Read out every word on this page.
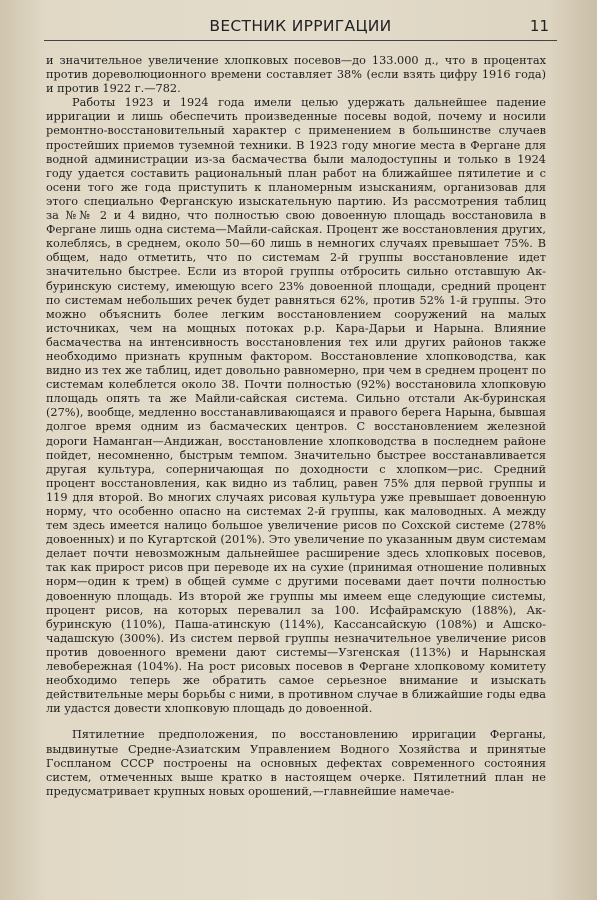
ВЕСТНИК ИРРИГАЦИИ	11

и значительное увеличение хлопковых посевов—до 133.000 д., что в процентах против дореволюционного времени составляет 38% (если взять цифру 1916 года) и против 1922 г.—782.

Работы 1923 и 1924 года имели целью удержать дальнейшее падение ирригации и лишь обеспечить произведенные посевы водой, почему и носили ремонтно-восстановительный характер с применением в большинстве случаев простейших приемов туземной техники. В 1923 году многие места в Фергане для водной администрации из-за басмачества были малодоступны и только в 1924 году удается составить рациональный план работ на ближайшее пятилетие и с осени того же года приступить к планомерным изысканиям, организовав для этого специально Ферганскую изыскательную партию. Из рассмотрения таблиц за №№ 2 и 4 видно, что полностью свою довоенную площадь восстановила в Фергане лишь одна система—Майли-сайская. Процент же восстановления других, колеблясь, в среднем, около 50—60 лишь в немногих случаях превышает 75%. В общем, надо отметить, что по системам 2-й группы восстановление идет значительно быстрее. Если из второй группы отбросить сильно отставшую Ак-буринскую систему, имеющую всего 23% довоенной площади, средний процент по системам небольших речек будет равняться 62%, против 52% 1-й группы. Это можно объяснить более легким восстановлением сооружений на малых источниках, чем на мощных потоках р.р. Кара-Дарьи и Нарына. Влияние басмачества на интенсивность восстановления тех или других районов также необходимо признать крупным фактором. Восстановление хлопководства, как видно из тех же таблиц, идет довольно равномерно, при чем в среднем процент по системам колеблется около 38. Почти полностью (92%) восстановила хлопковую площадь опять та же Майли-сайская система. Сильно отстали Ак-буринская (27%), вообще, медленно восстанавливающаяся и правого берега Нарына, бывшая долгое время одним из басмаческих центров. С восстановлением железной дороги Наманган—Андижан, восстановление хлопководства в последнем районе пойдет, несомненно, быстрым темпом. Значительно быстрее восстанавливается другая культура, соперничающая по доходности с хлопком—рис. Средний процент восстановления, как видно из таблиц, равен 75% для первой группы и 119 для второй. Во многих случаях рисовая культура уже превышает довоенную норму, что особенно опасно на системах 2-й группы, как маловодных. А между тем здесь имеется налицо большое увеличение рисов по Сохской системе (278% довоенных) и по Кугартской (201%). Это увеличение по указанным двум системам делает почти невозможным дальнейшее расширение здесь хлопковых посевов, так как прирост рисов при переводе их на сухие (принимая отношение поливных норм—один к трем) в общей сумме с другими посевами дает почти полностью довоенную площадь. Из второй же группы мы имеем еще следующие системы, процент рисов, на которых перевалил за 100. Исфайрамскую (188%), Ак-буринскую (110%), Паша-атинскую (114%), Кассансайскую (108%) и Ашско-чадашскую (300%). Из систем первой группы незначительное увеличение рисов против довоенного времени дают системы—Узгенская (113%) и Нарынская левобережная (104%). На рост рисовых посевов в Фергане хлопковому комитету необходимо теперь же обратить самое серьезное внимание и изыскать действительные меры борьбы с ними, в противном случае в ближайшие годы едва ли удастся довести хлопковую площадь до довоенной.

Пятилетние предположения, по восстановлению ирригации Ферганы, выдвинутые Средне-Азиатским Управлением Водного Хозяйства и принятые Госпланом СССР построены на основных дефектах современного состояния систем, отмеченных выше кратко в настоящем очерке. Пятилетний план не предусматривает крупных новых орошений,—главнейшие намечае-
